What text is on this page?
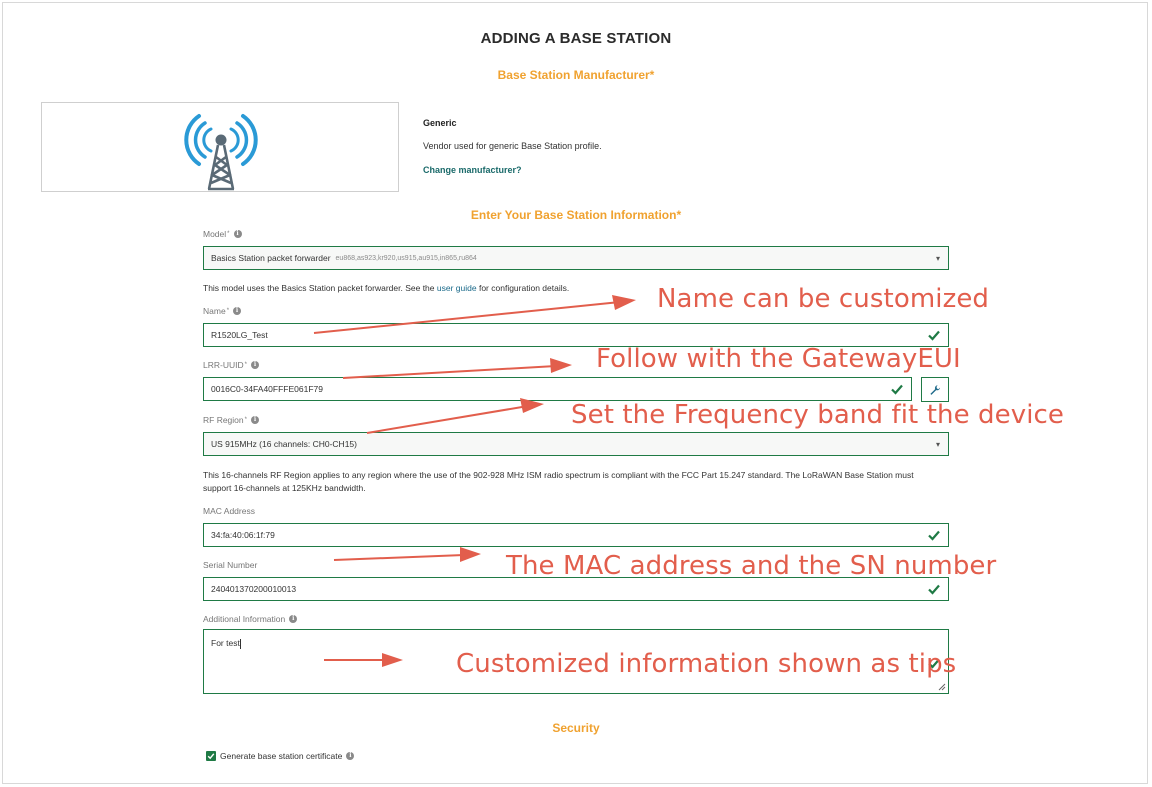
ADDING A BASE STATION
Base Station Manufacturer*
Generic
Vendor used for generic Base Station profile.
Change manufacturer?
Enter Your Base Station Information*
Model *	i
Basics Station packet forwarder eu868,as923,kr920,us915,au915,in865,ru864	▾
This model uses the Basics Station packet forwarder. See the user guide for configuration details.
Name *	i
R1520LG_Test
LRR-UUID *	i
0016C0-34FA40FFFE061F79
RF Region *	i
US 915MHz (16 channels: CH0-CH15)	▾
This 16-channels RF Region applies to any region where the use of the 902-928 MHz ISM radio spectrum is compliant with the FCC Part 15.247 standard. The LoRaWAN Base Station must
support 16-channels at 125KHz bandwidth.
MAC Address
34:fa:40:06:1f:79
Serial Number
240401370200010013
Additional Information	i
For test
Security
Generate base station certificate	i
Name can be customized
Follow with the GatewayEUI
Set the Frequency band fit the device
The MAC address and the SN number
Customized information shown as tips
